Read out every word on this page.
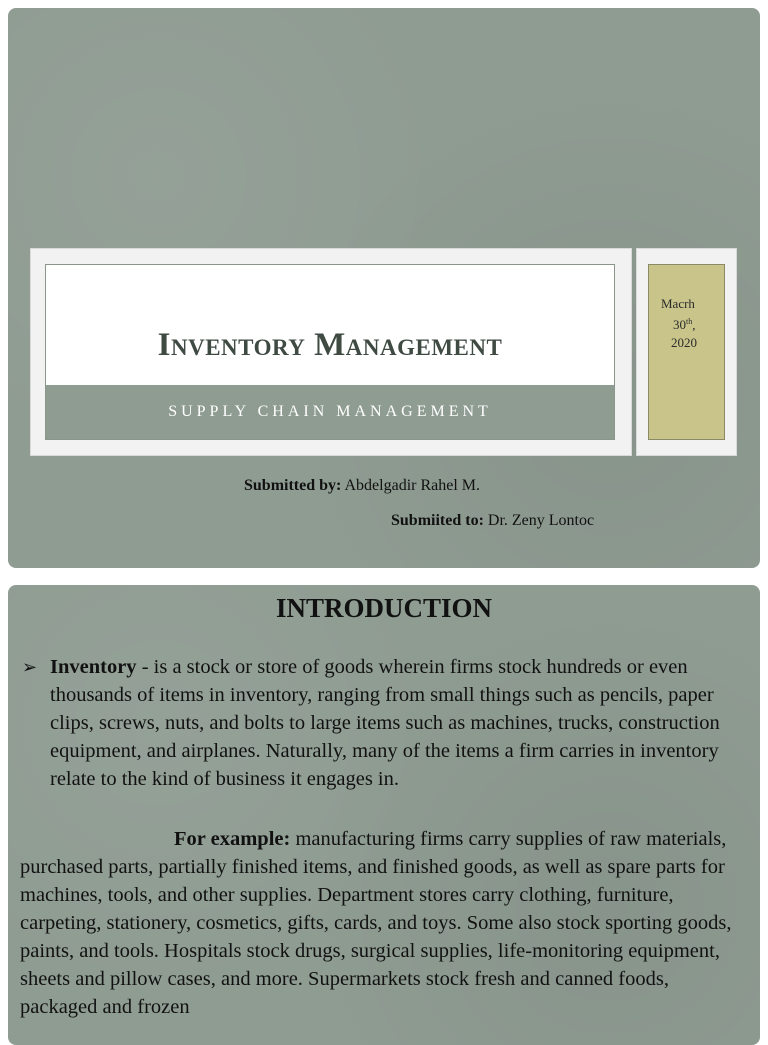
Inventory Management
SUPPLY CHAIN MANAGEMENT
Macrh
30th,
2020
Submitted by: Abdelgadir Rahel M.
Submiited to: Dr. Zeny Lontoc
INTRODUCTION
➢ Inventory - is a stock or store of goods wherein firms stock hundreds or even thousands of items in inventory, ranging from small things such as pencils, paper clips, screws, nuts, and bolts to large items such as machines, trucks, construction equipment, and airplanes. Naturally, many of the items a firm carries in inventory relate to the kind of business it engages in.
For example: manufacturing firms carry supplies of raw materials, purchased parts, partially finished items, and finished goods, as well as spare parts for machines, tools, and other supplies. Department stores carry clothing, furniture, carpeting, stationery, cosmetics, gifts, cards, and toys. Some also stock sporting goods, paints, and tools. Hospitals stock drugs, surgical supplies, life-monitoring equipment, sheets and pillow cases, and more. Supermarkets stock fresh and canned foods, packaged and frozen
